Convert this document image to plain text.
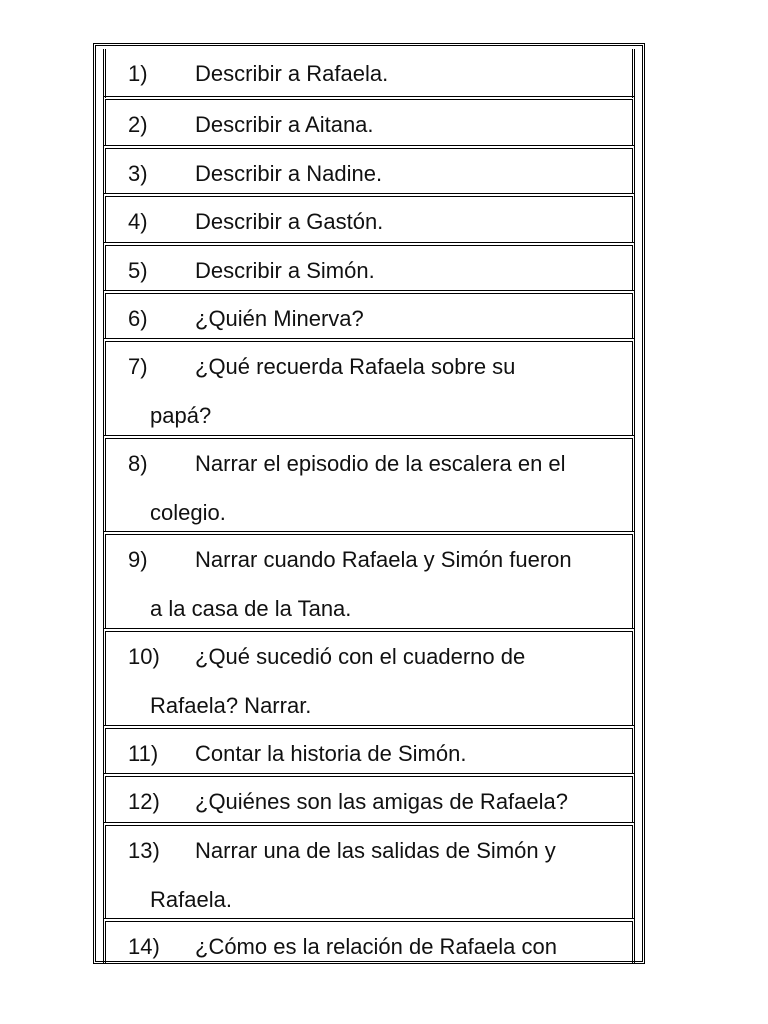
1) Describir a Rafaela.
2) Describir a Aitana.
3) Describir a Nadine.
4) Describir a Gastón.
5) Describir a Simón.
6) ¿Quién Minerva?
7) ¿Qué recuerda Rafaela sobre su
papá?
8) Narrar el episodio de la escalera en el
colegio.
9) Narrar cuando Rafaela y Simón fueron
a la casa de la Tana.
10) ¿Qué sucedió con el cuaderno de
Rafaela? Narrar.
11) Contar la historia de Simón.
12) ¿Quiénes son las amigas de Rafaela?
13) Narrar una de las salidas de Simón y
Rafaela.
14) ¿Cómo es la relación de Rafaela con
